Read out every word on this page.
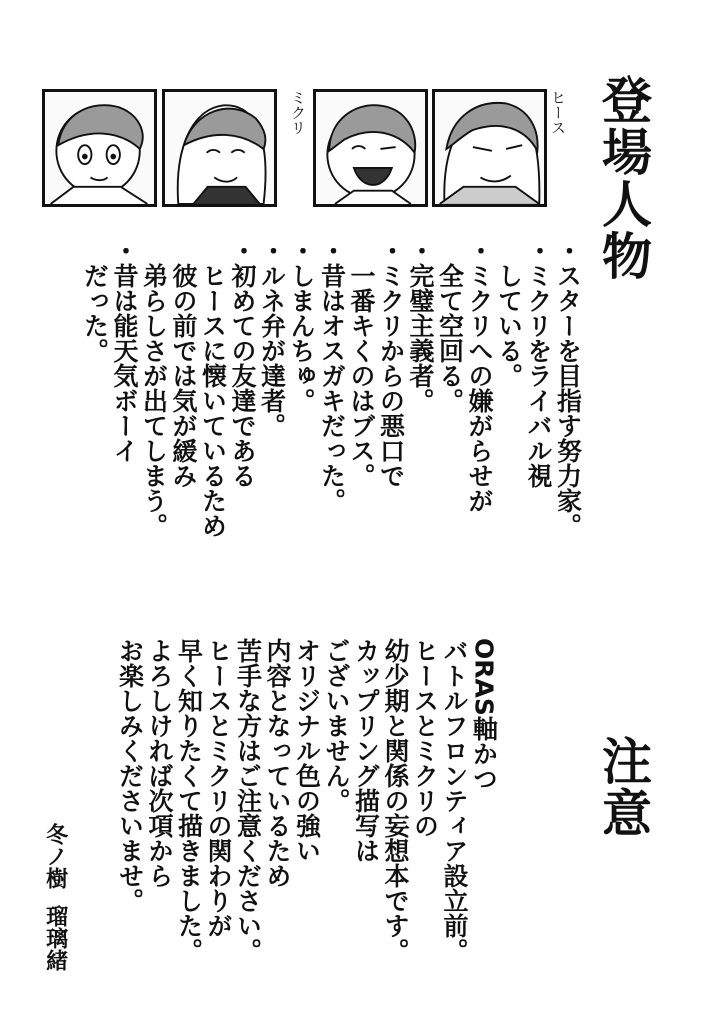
登場人物
ヒース
ミクリ
・スターを目指す努力家。
・ミクリをライバル視
　している。
・ミクリへの嫌がらせが
　全て空回る。
・完璧主義者。
・ミクリからの悪口で
　一番キくのはブス。
・昔はオスガキだった。
・しまんちゅ。
・ルネ弁が達者。
・初めての友達である
　ヒースに懐いているため
　彼の前では気が緩み
　弟らしさが出てしまう。
・昔は能天気ボーイ
　だった。
注意
ORAS軸かつ
バトルフロンティア設立前。
ヒースとミクリの
幼少期と関係の妄想本です。
カップリング描写は
ございません。
オリジナル色の強い
内容となっているため
苦手な方はご注意ください。
ヒースとミクリの関わりが
早く知りたくて描きました。
よろしければ次項から
お楽しみくださいませ。
冬ノ樹
瑠璃緒
